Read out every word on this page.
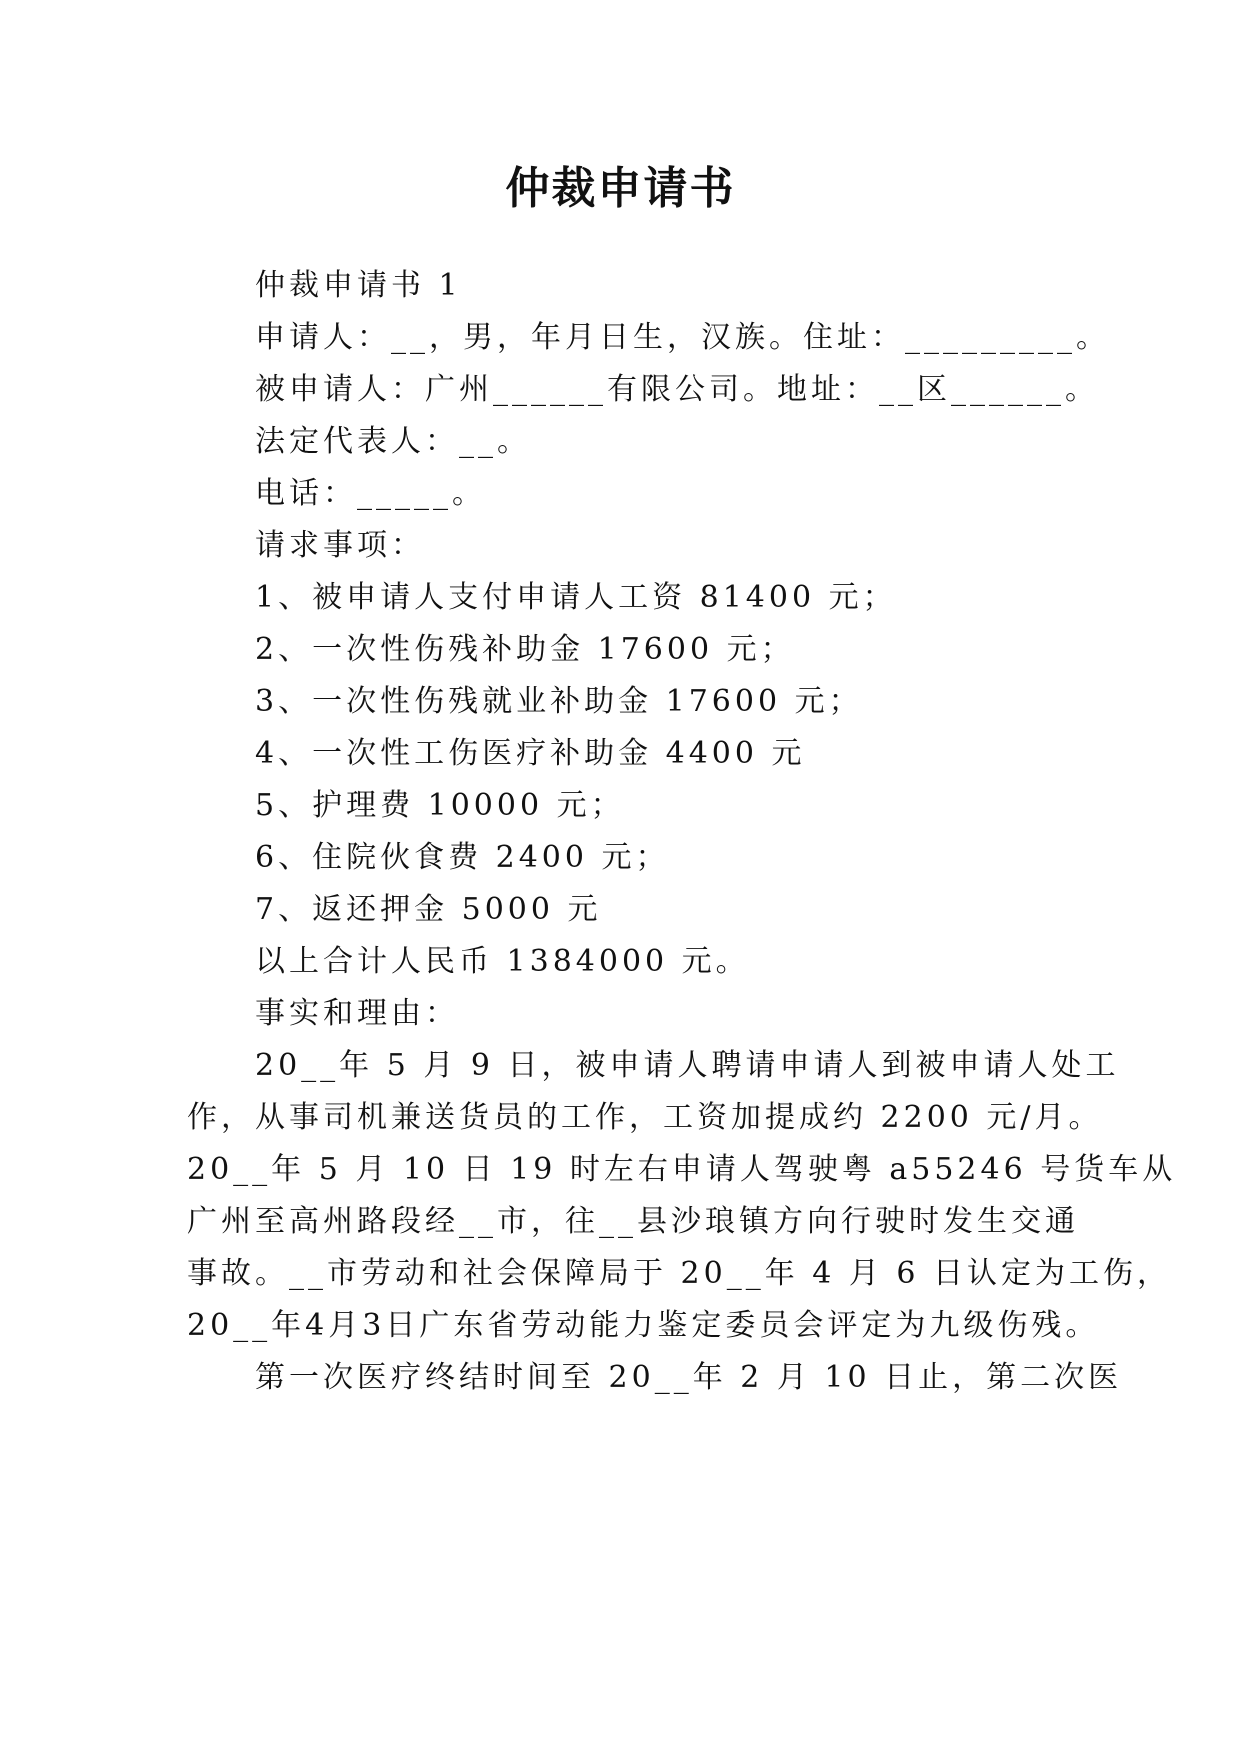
仲裁申请书
仲裁申请书 1
申请人：__，男，年月日生，汉族。住址：_________。
被申请人：广州______有限公司。地址：__区______。
法定代表人：__。
电话：_____。
请求事项：
1、被申请人支付申请人工资 81400 元；
2、一次性伤残补助金 17600 元；
3、一次性伤残就业补助金 17600 元；
4、一次性工伤医疗补助金 4400 元
5、护理费 10000 元；
6、住院伙食费 2400 元；
7、返还押金 5000 元
以上合计人民币 1384000 元。
事实和理由：
20__年 5 月 9 日，被申请人聘请申请人到被申请人处工
作，从事司机兼送货员的工作，工资加提成约 2200 元/月。
20__年 5 月 10 日 19 时左右申请人驾驶粤 a55246 号货车从
广州至高州路段经__市，往__县沙琅镇方向行驶时发生交通
事故。__市劳动和社会保障局于 20__年 4 月 6 日认定为工伤，
20__年4月3日广东省劳动能力鉴定委员会评定为九级伤残。
第一次医疗终结时间至 20__年 2 月 10 日止，第二次医
